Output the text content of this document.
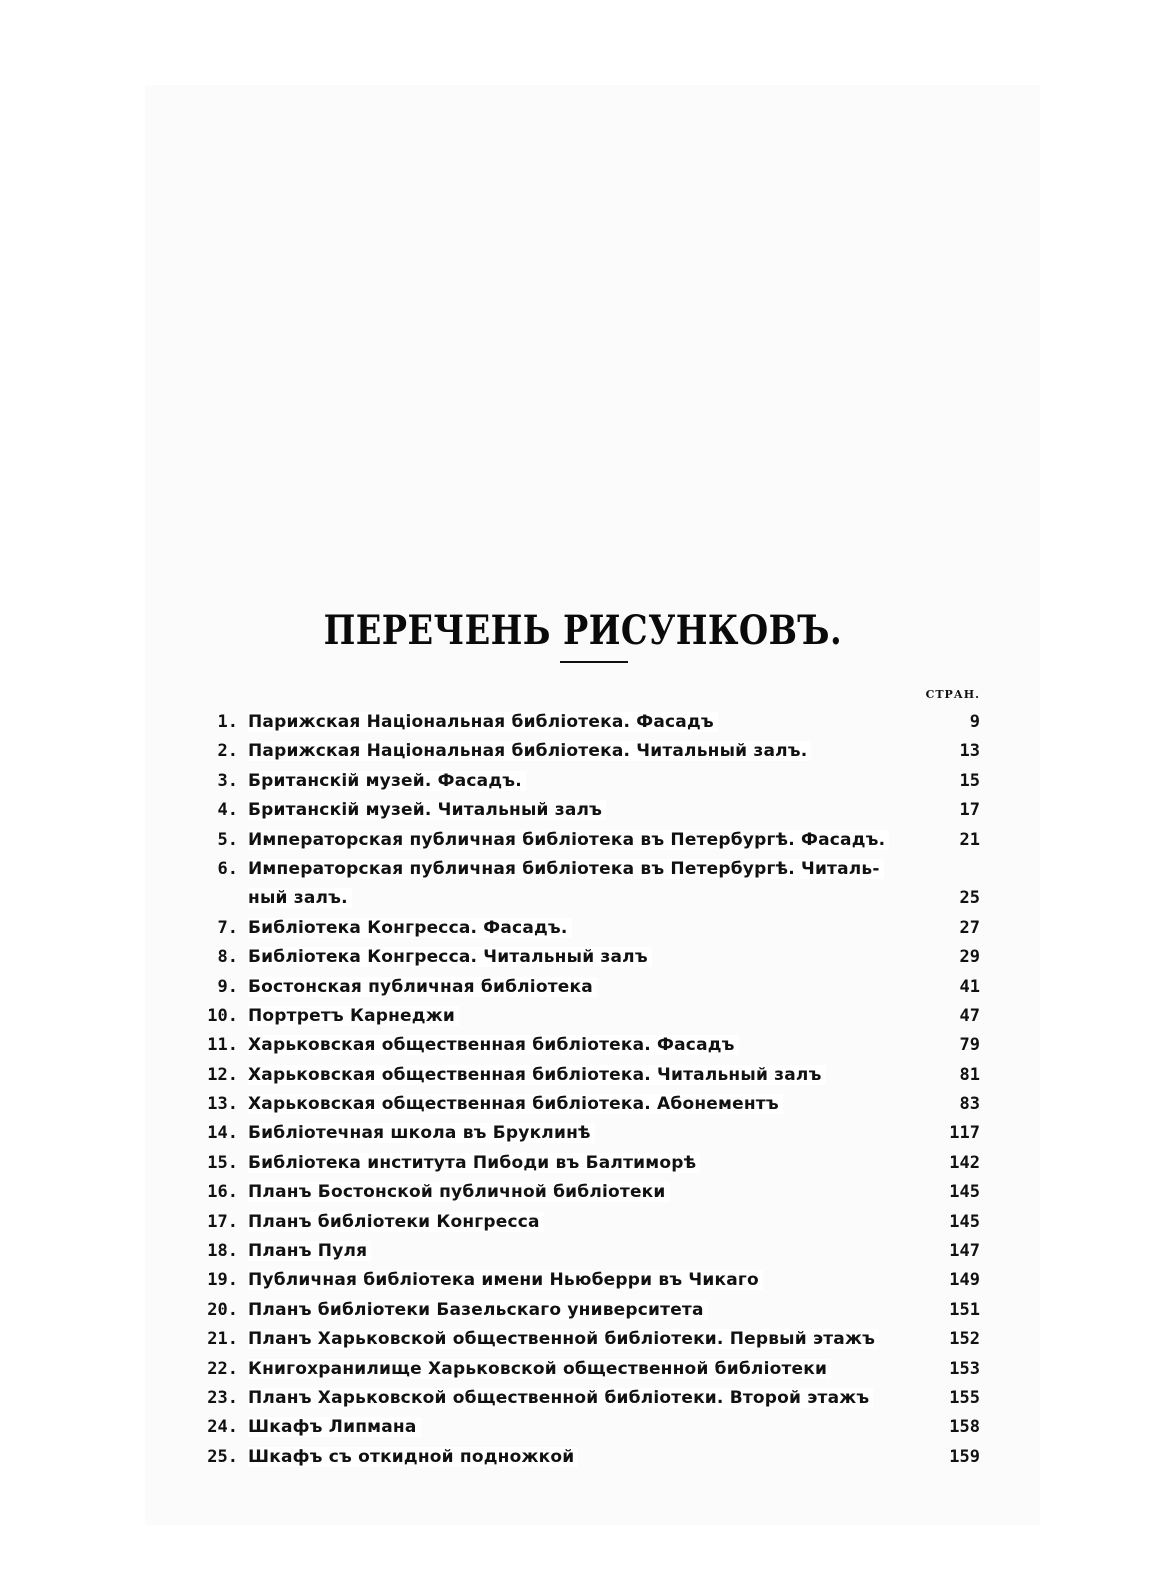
ПЕРЕЧЕНЬ РИСУНКОВЪ.
СТРАН.
1. Парижская Національная библіотека. Фасадъ . . .	9
2. Парижская Національная библіотека. Читальный залъ. . . .	13
3. Британскій музей. Фасадъ. . . .	15
4. Британскій музей. Читальный залъ . . .	17
5. Императорская публичная библіотека въ Петербургѣ. Фасадъ. . . .	21
6. Императорская публичная библіотека въ Петербургѣ. Читаль-
ный залъ. . . .	25
7. Библіотека Конгресса. Фасадъ. . . .	27
8. Библіотека Конгресса. Читальный залъ . . .	29
9. Бостонская публичная библіотека . . .	41
10. Портретъ Карнеджи . . .	47
11. Харьковская общественная библіотека. Фасадъ . . .	79
12. Харьковская общественная библіотека. Читальный залъ . . .	81
13. Харьковская общественная библіотека. Абонементъ . . .	83
14. Библіотечная школа въ Бруклинѣ . . .	117
15. Библіотека института Пибоди въ Балтиморѣ . . .	142
16. Планъ Бостонской публичной библіотеки . . .	145
17. Планъ библіотеки Конгресса . . .	145
18. Планъ Пуля . . .	147
19. Публичная библіотека имени Ньюберри въ Чикаго . . .	149
20. Планъ библіотеки Базельскаго университета . . .	151
21. Планъ Харьковской общественной библіотеки. Первый этажъ . . .	152
22. Книгохранилище Харьковской общественной библіотеки . . .	153
23. Планъ Харьковской общественной библіотеки. Второй этажъ . . .	155
24. Шкафъ Липмана . . .	158
25. Шкафъ съ откидной подножкой . . .	159
